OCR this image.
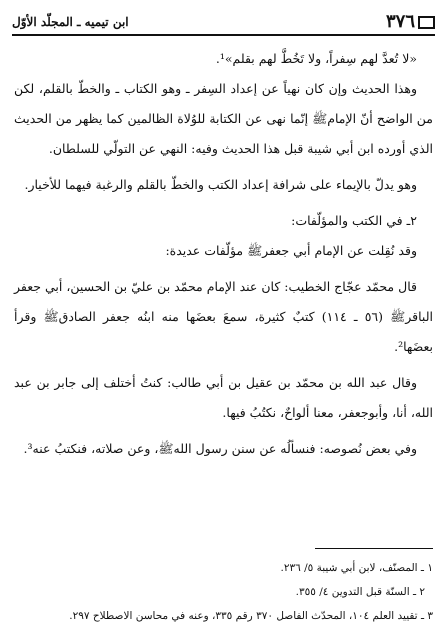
٣٧٦
ابن تيميه ـ المجلّد الأوّل

«لا تُعدَّ لهم سِفراً، ولا تَخُطَّ لهم بقلم»¹.

وهذا الحديث وإن كان نهياً عن إعداد السِفر ـ وهو الكتاب ـ والخطّ بالقلم، لكن من الواضح أنّ الإمامﷺ إنّما نهى عن الكتابة للوُلاة الظالمين كما يظهر من الحديث الذي أورده ابن أبي شيبة قبل هذا الحديث وفيه: النهي عن التولّي للسلطان.

وهو يدلّ بالإيماء على شرافة إعداد الكتب والخطّ بالقلم والرغبة فيهما للأخيار.

٢ـ في الكتب والمؤلّفات:

وقد نُقِلت عن الإمام أبي جعفرﷺ مؤلّفات عديدة:

قال محمّد عجّاج الخطيب: كان عند الإمام محمّد بن عليّ بن الحسين، أبي جعفر الباقرﷺ (٥٦ ـ ١١٤) كتبٌ كثيرة، سمعَ بعضَها منه ابنُه جعفر الصادقﷺ وقرأ بعضَها².

وقال عبد الله بن محمّد بن عقيل بن أبي طالب: كنتُ أختلف إلى جابر بن عبد الله، أنا، وأبوجعفر، معنا ألواحٌ، نكتُبُ فيها.

وفي بعض نُصوصه: فنسألُه عن سنن رسول اللهﷺ، وعن صلاته، فنكتبُ عنه³.

١ ـ المصنّف، لابن أبي شيبة ٥/ ٢٣٦.
٢ ـ السنّة قبل التدوين ٤/ ٣٥٥.
٣ ـ تقييد العلم ١٠٤، المحدّث الفاصل ٣٧٠ رقم ٣٣٥، وعنه في محاسن الاصطلاح ٢٩٧.
